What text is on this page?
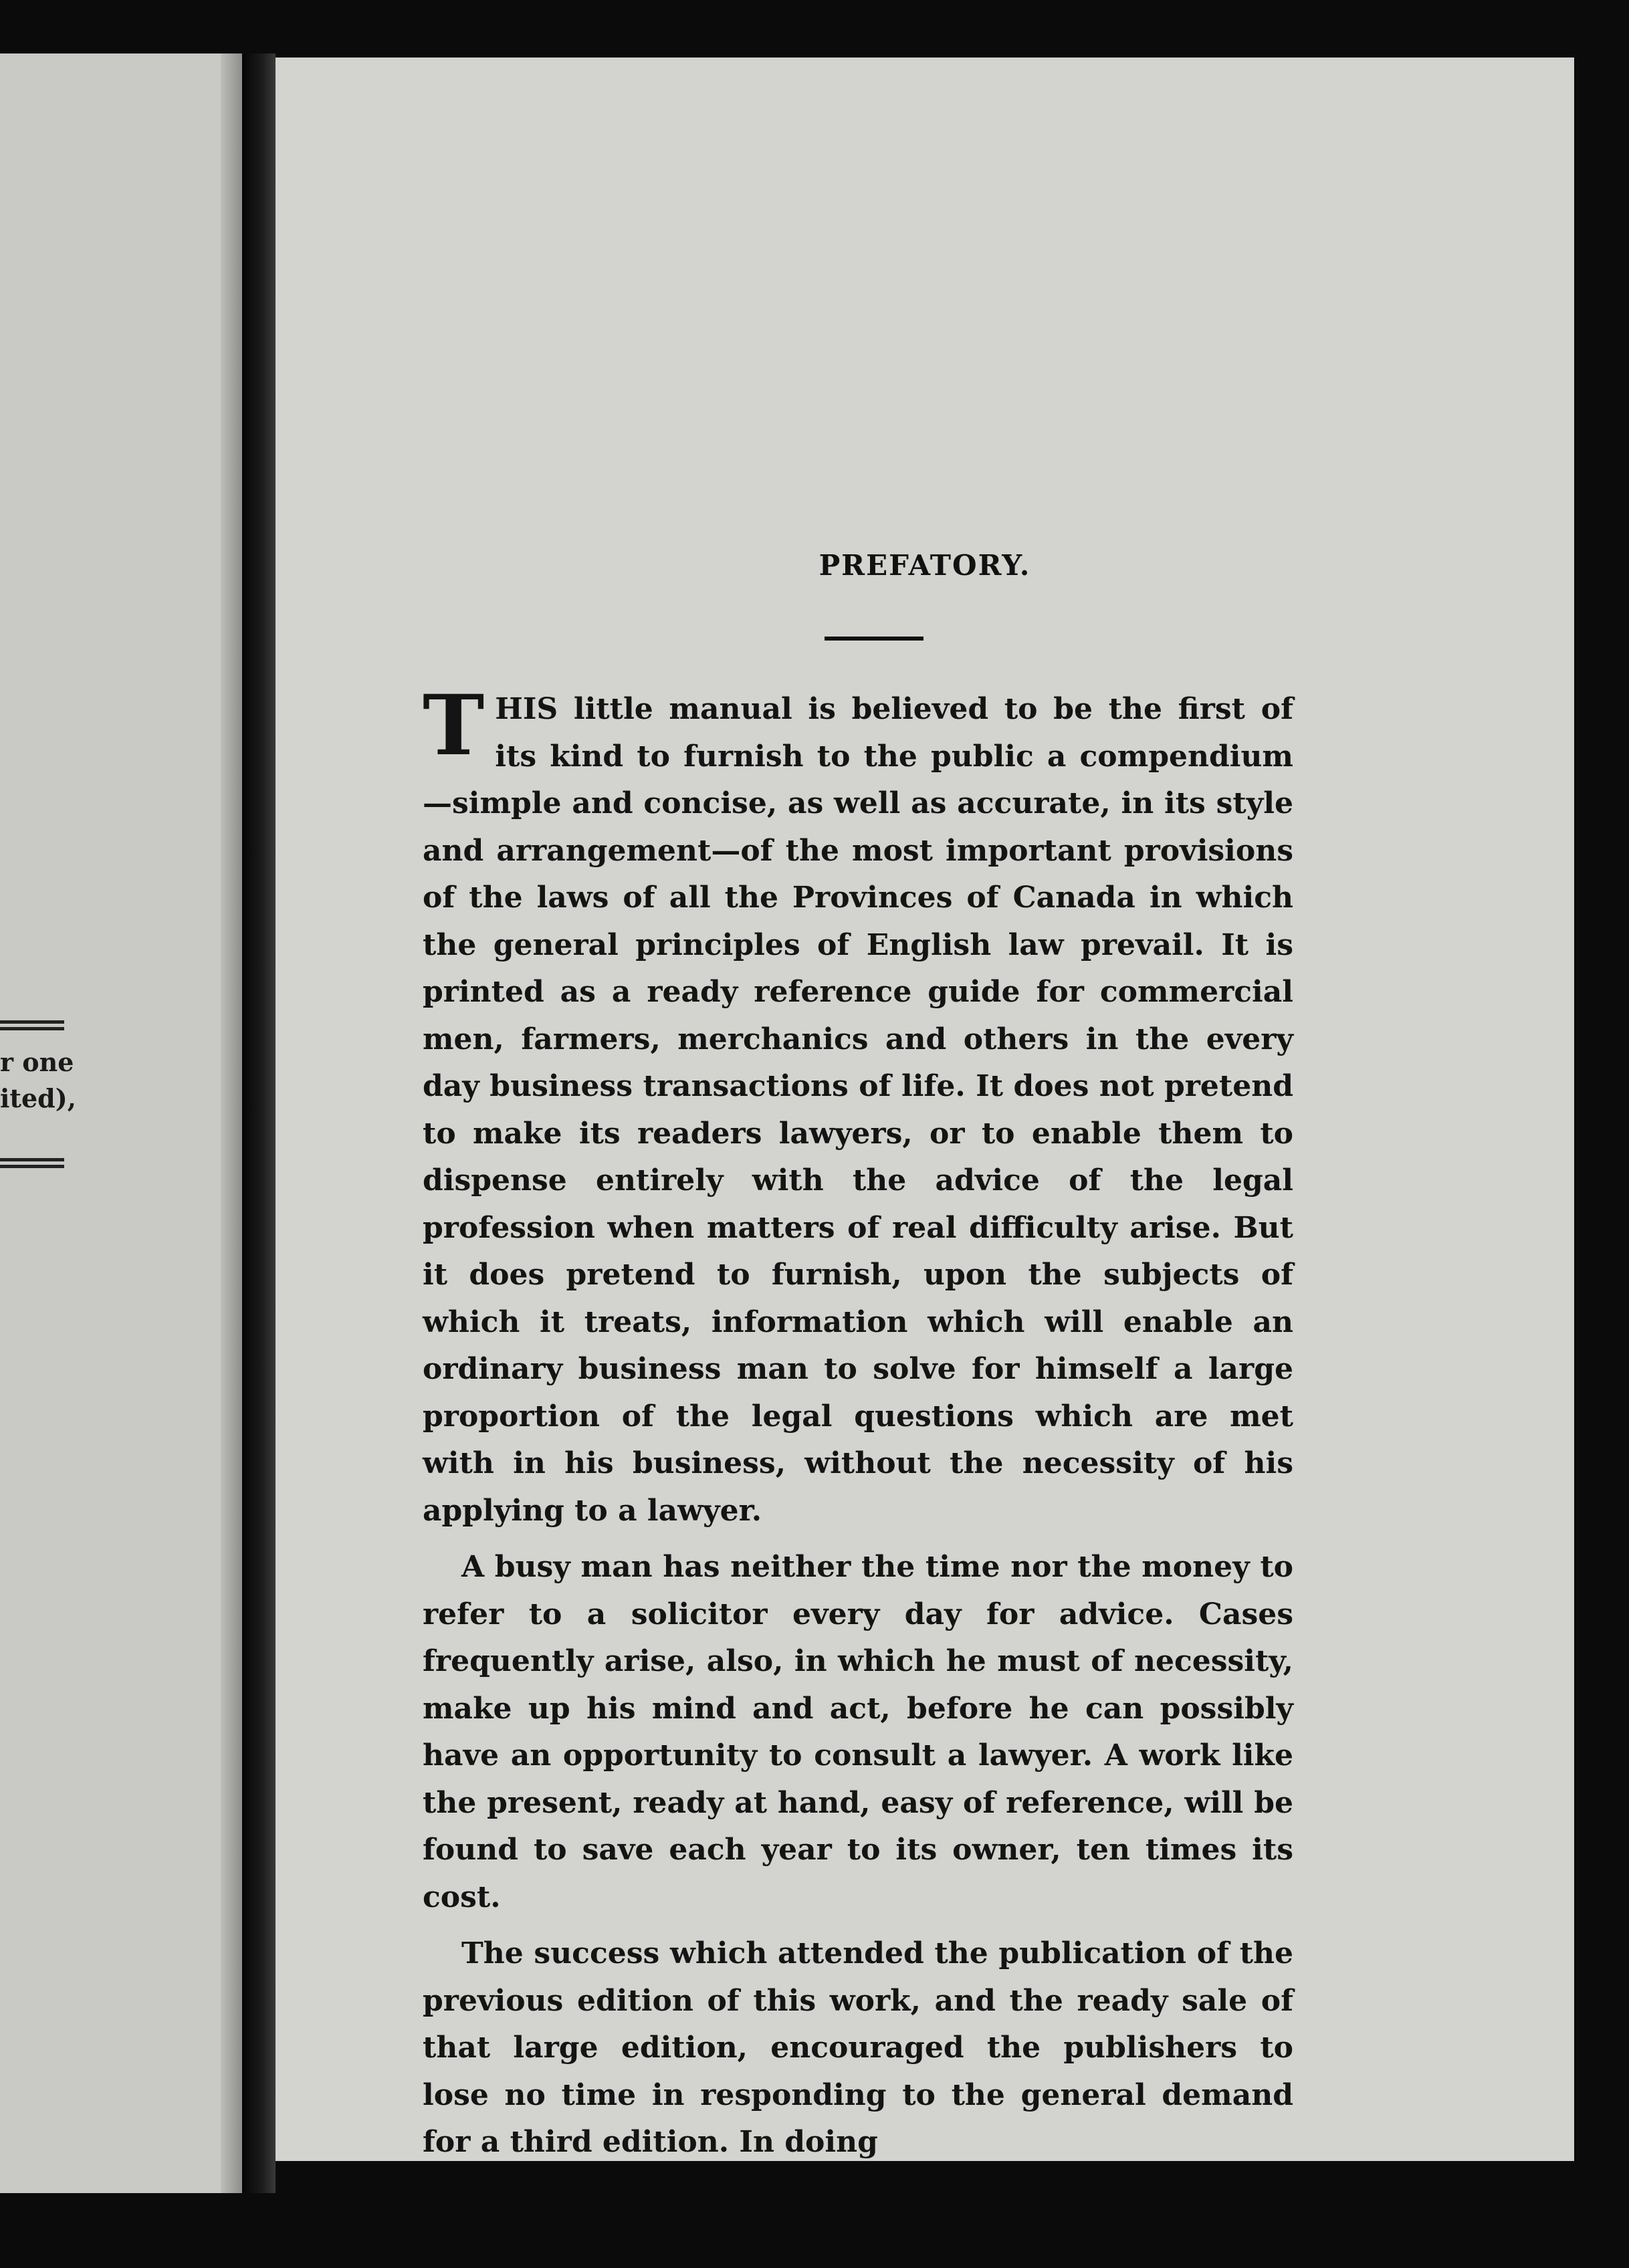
r one
ited),
PREFATORY.

THIS little manual is believed to be the first of its kind to furnish to the public a compendium—simple and concise, as well as accurate, in its style and arrangement—of the most important provisions of the laws of all the Provinces of Canada in which the general principles of English law prevail. It is printed as a ready reference guide for commercial men, farmers, merchanics and others in the every day business transactions of life. It does not pretend to make its readers lawyers, or to enable them to dispense entirely with the advice of the legal profession when matters of real difficulty arise. But it does pretend to furnish, upon the subjects of which it treats, information which will enable an ordinary business man to solve for himself a large proportion of the legal questions which are met with in his business, without the necessity of his applying to a lawyer.

A busy man has neither the time nor the money to refer to a solicitor every day for advice. Cases frequently arise, also, in which he must of necessity, make up his mind and act, before he can possibly have an opportunity to consult a lawyer. A work like the present, ready at hand, easy of reference, will be found to save each year to its owner, ten times its cost.

The success which attended the publication of the previous edition of this work, and the ready sale of that large edition, encouraged the publishers to lose no time in responding to the general demand for a third edition. In doing
